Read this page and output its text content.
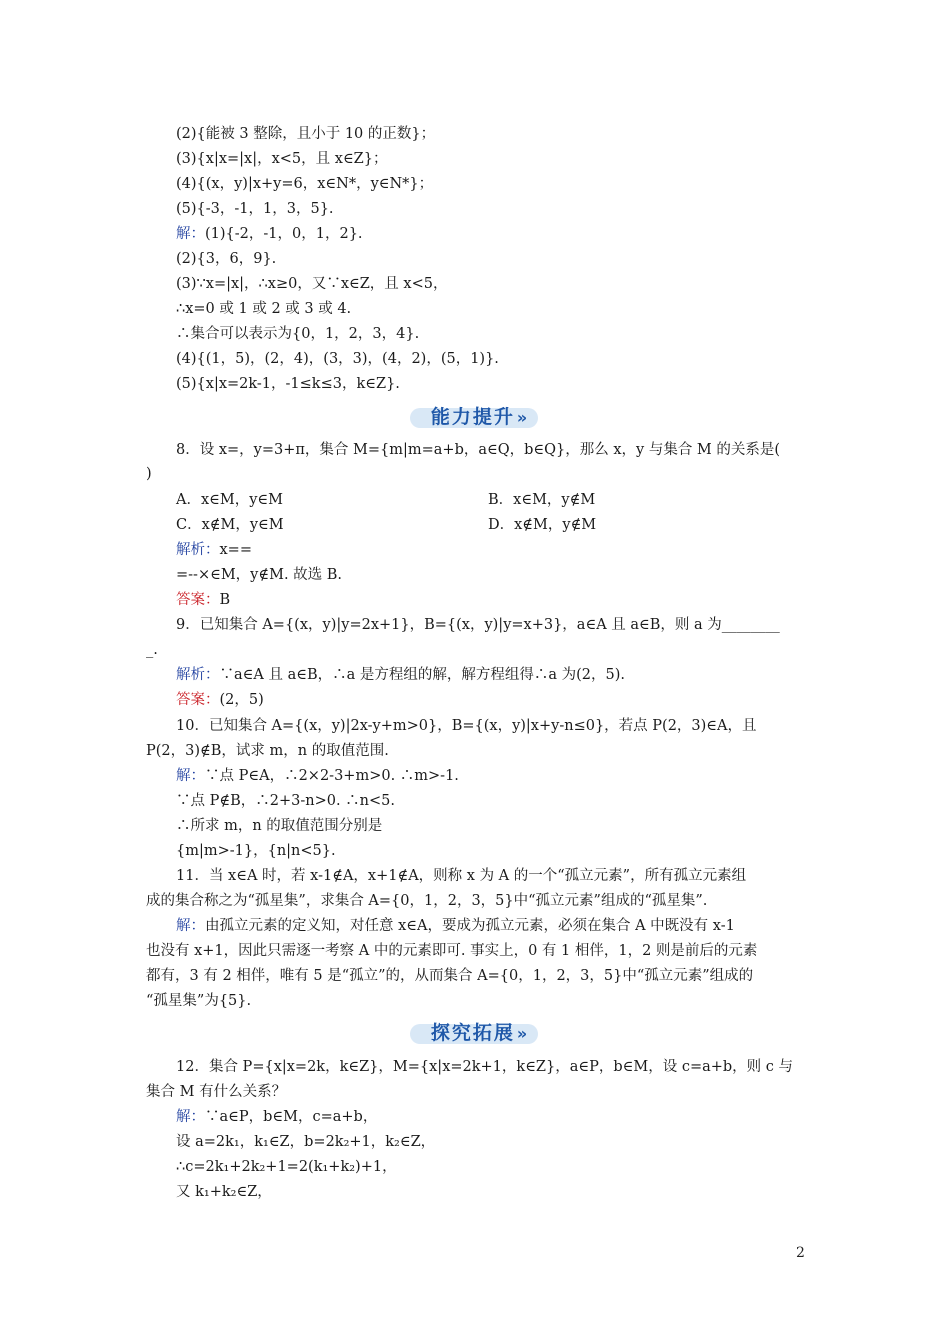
(2){能被 3 整除，且小于 10 的正数}；
(3){x|x=|x|，x<5，且 x∈Z}；
(4){(x，y)|x+y=6，x∈N*，y∈N*}；
(5){-3，-1，1，3，5}.
解：(1){-2，-1，0，1，2}.
(2){3，6，9}.
(3)∵x=|x|，∴x≥0，又∵x∈Z，且 x<5，
∴x=0 或 1 或 2 或 3 或 4.
∴集合可以表示为{0，1，2，3，4}.
(4){(1，5)，(2，4)，(3，3)，(4，2)，(5，1)}.
(5){x|x=2k-1，-1≤k≤3，k∈Z}.
能力提升 »
8．设 x=，y=3+π，集合 M={m|m=a+b，a∈Q，b∈Q}，那么 x，y 与集合 M 的关系是(
)
A．x∈M，y∈M	B．x∈M，y∉M
C．x∉M，y∈M	D．x∉M，y∉M
解析：x==
=--×∈M，y∉M. 故选 B.
答案：B
9．已知集合 A={(x，y)|y=2x+1}，B={(x，y)|y=x+3}，a∈A 且 a∈B，则 a 为________
_.
解析：∵a∈A 且 a∈B，∴a 是方程组的解，解方程组得∴a 为(2，5).
答案：(2，5)
10．已知集合 A={(x，y)|2x-y+m>0}，B={(x，y)|x+y-n≤0}，若点 P(2，3)∈A，且
P(2，3)∉B，试求 m，n 的取值范围.
解：∵点 P∈A，∴2×2-3+m>0. ∴m>-1.
∵点 P∉B，∴2+3-n>0. ∴n<5.
∴所求 m，n 的取值范围分别是
{m|m>-1}，{n|n<5}.
11．当 x∈A 时，若 x-1∉A，x+1∉A，则称 x 为 A 的一个“孤立元素”，所有孤立元素组
成的集合称之为“孤星集”，求集合 A={0，1，2，3，5}中“孤立元素”组成的“孤星集”.
解：由孤立元素的定义知，对任意 x∈A，要成为孤立元素，必须在集合 A 中既没有 x-1
也没有 x+1，因此只需逐一考察 A 中的元素即可. 事实上，0 有 1 相伴，1，2 则是前后的元素
都有，3 有 2 相伴，唯有 5 是“孤立”的，从而集合 A={0，1，2，3，5}中“孤立元素”组成的
“孤星集”为{5}.
探究拓展 »
12．集合 P={x|x=2k，k∈Z}，M={x|x=2k+1，k∈Z}，a∈P，b∈M，设 c=a+b，则 c 与
集合 M 有什么关系？
解：∵a∈P，b∈M，c=a+b，
设 a=2k₁，k₁∈Z，b=2k₂+1，k₂∈Z，
∴c=2k₁+2k₂+1=2(k₁+k₂)+1，
又 k₁+k₂∈Z，
2
